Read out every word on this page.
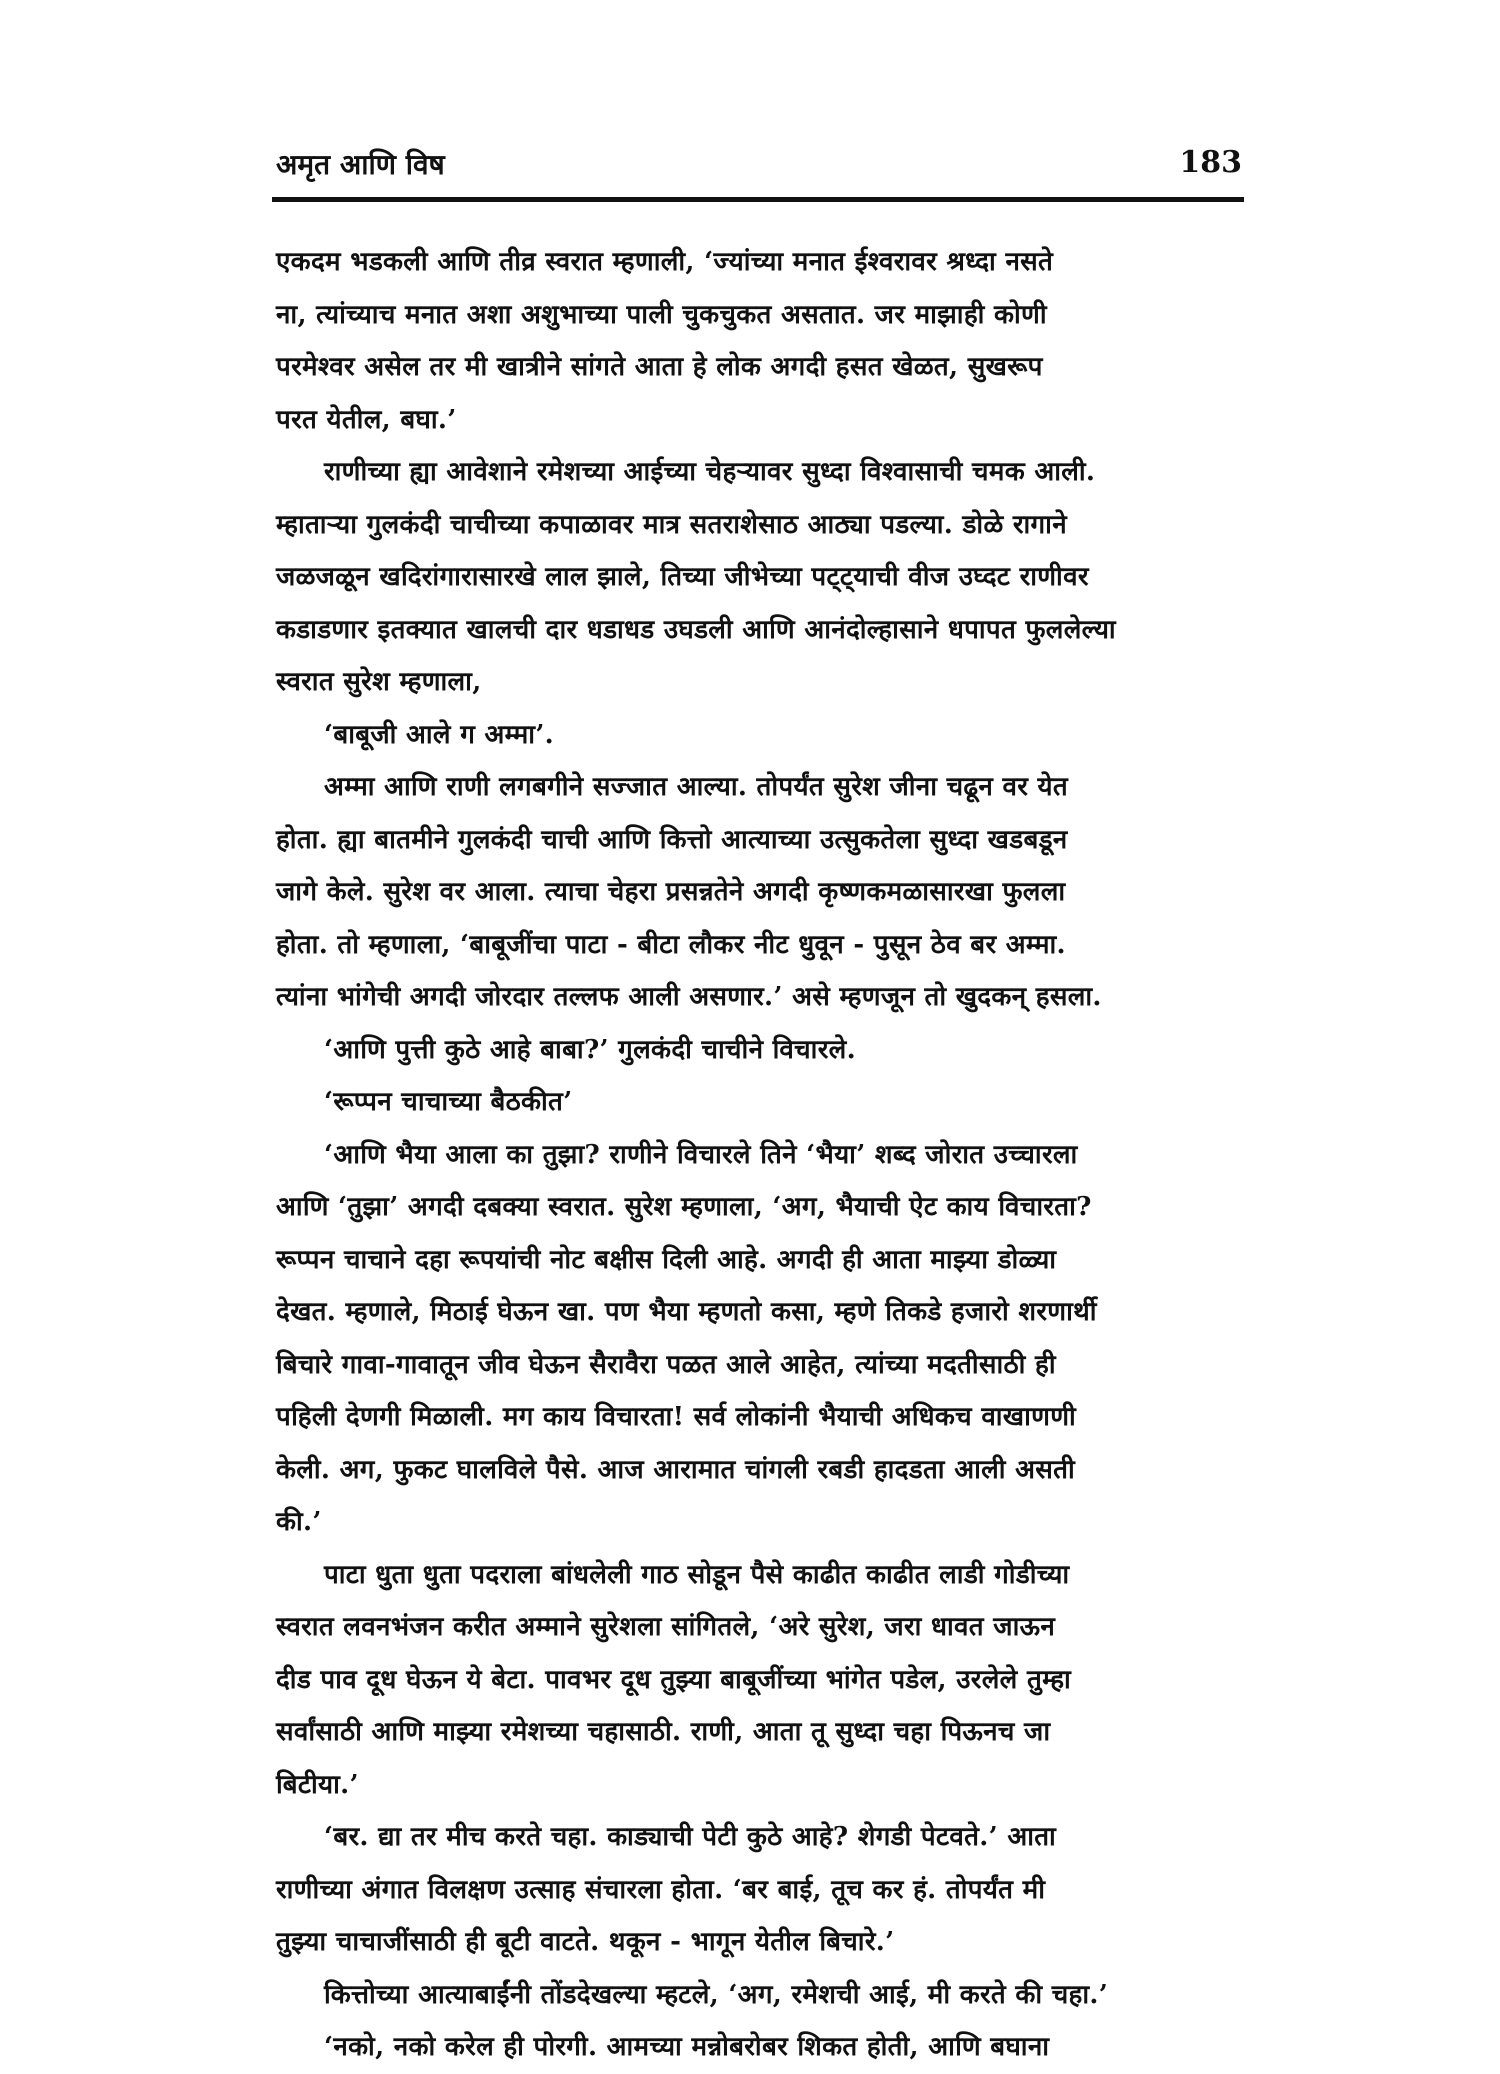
अमृत आणि विष	183
एकदम भडकली आणि तीव्र स्वरात म्हणाली, ‘ज्यांच्या मनात ईश्वरावर श्रध्दा नसते
ना, त्यांच्याच मनात अशा अशुभाच्या पाली चुकचुकत असतात. जर माझाही कोणी
परमेश्वर असेल तर मी खात्रीने सांगते आता हे लोक अगदी हसत खेळत, सुखरूप
परत येतील, बघा.’
राणीच्या ह्या आवेशाने रमेशच्या आईच्या चेहऱ्यावर सुध्दा विश्वासाची चमक आली.
म्हाताऱ्या गुलकंदी चाचीच्या कपाळावर मात्र सतराशेसाठ आठ्या पडल्या. डोळे रागाने
जळजळून खदिरांगारासारखे लाल झाले, तिच्या जीभेच्या पट्ट्याची वीज उघ्दट राणीवर
कडाडणार इतक्यात खालची दार धडाधड उघडली आणि आनंदोल्हासाने धपापत फुललेल्या
स्वरात सुरेश म्हणाला,
‘बाबूजी आले ग अम्मा’.
अम्मा आणि राणी लगबगीने सज्जात आल्या. तोपर्यंत सुरेश जीना चढून वर येत
होता. ह्या बातमीने गुलकंदी चाची आणि कित्तो आत्याच्या उत्सुकतेला सुध्दा खडबडून
जागे केले. सुरेश वर आला. त्याचा चेहरा प्रसन्नतेने अगदी कृष्णकमळासारखा फुलला
होता. तो म्हणाला, ‘बाबूजींचा पाटा - बीटा लौकर नीट धुवून - पुसून ठेव बर अम्मा.
त्यांना भांगेची अगदी जोरदार तल्लफ आली असणार.’ असे म्हणजून तो खुदकन् हसला.
‘आणि पुत्ती कुठे आहे बाबा?’ गुलकंदी चाचीने विचारले.
‘रूप्पन चाचाच्या बैठकीत’
‘आणि भैया आला का तुझा? राणीने विचारले तिने ‘भैया’ शब्द जोरात उच्चारला
आणि ‘तुझा’ अगदी दबक्या स्वरात. सुरेश म्हणाला, ‘अग, भैयाची ऐट काय विचारता?
रूप्पन चाचाने दहा रूपयांची नोट बक्षीस दिली आहे. अगदी ही आता माझ्या डोळ्या
देखत. म्हणाले, मिठाई घेऊन खा. पण भैया म्हणतो कसा, म्हणे तिकडे हजारो शरणार्थी
बिचारे गावा-गावातून जीव घेऊन सैरावैरा पळत आले आहेत, त्यांच्या मदतीसाठी ही
पहिली देणगी मिळाली. मग काय विचारता! सर्व लोकांनी भैयाची अधिकच वाखाणणी
केली. अग, फुकट घालविले पैसे. आज आरामात चांगली रबडी हादडता आली असती
की.’
पाटा धुता धुता पदराला बांधलेली गाठ सोडून पैसे काढीत काढीत लाडी गोडीच्या
स्वरात लवनभंजन करीत अम्माने सुरेशला सांगितले, ‘अरे सुरेश, जरा धावत जाऊन
दीड पाव दूध घेऊन ये बेटा. पावभर दूध तुझ्या बाबूजींच्या भांगेत पडेल, उरलेले तुम्हा
सर्वांसाठी आणि माझ्या रमेशच्या चहासाठी. राणी, आता तू सुध्दा चहा पिऊनच जा
बिटीया.’
‘बर. द्या तर मीच करते चहा. काड्याची पेटी कुठे आहे? शेगडी पेटवते.’ आता
राणीच्या अंगात विलक्षण उत्साह संचारला होता. ‘बर बाई, तूच कर हं. तोपर्यंत मी
तुझ्या चाचाजींसाठी ही बूटी वाटते. थकून - भागून येतील बिचारे.’
कित्तोच्या आत्याबाईंनी तोंडदेखल्या म्हटले, ‘अग, रमेशची आई, मी करते की चहा.’
‘नको, नको करेल ही पोरगी. आमच्या मन्नोबरोबर शिकत होती, आणि बघाना
